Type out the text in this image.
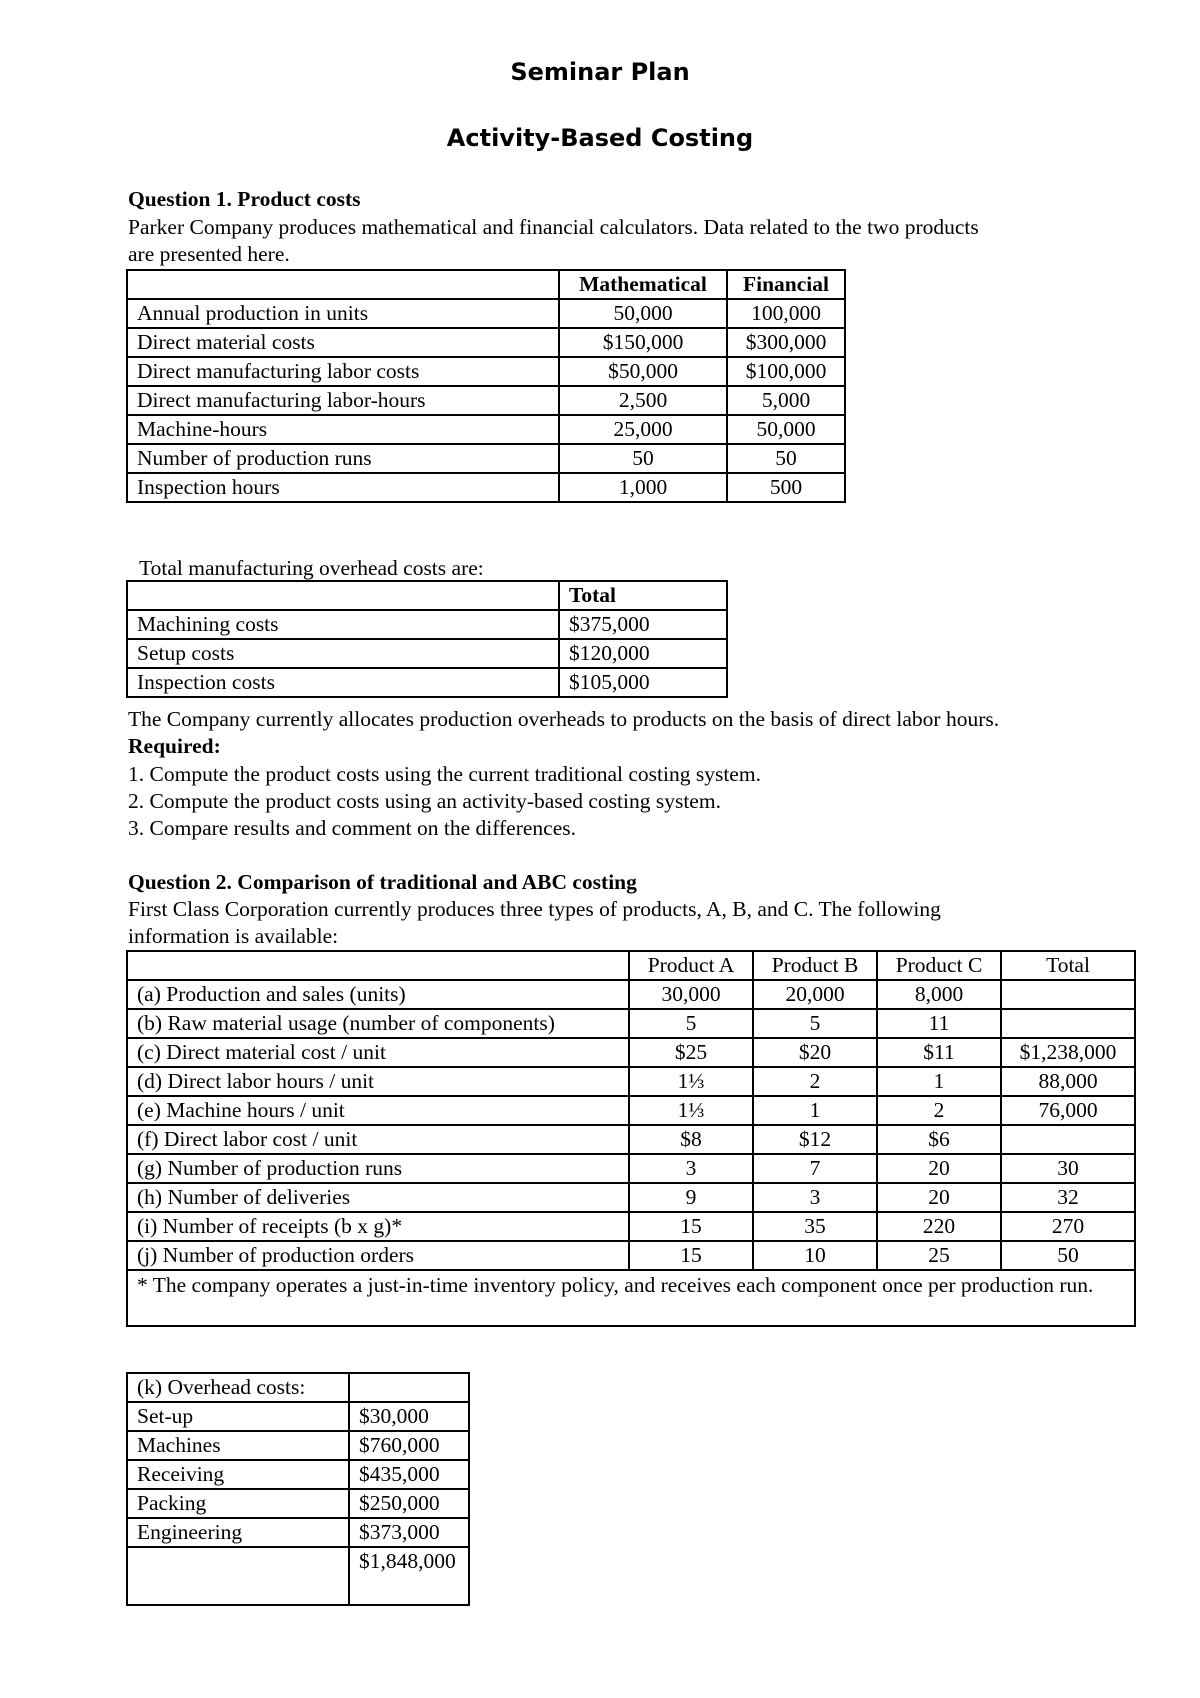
Seminar Plan
Activity-Based Costing
Question 1. Product costs
Parker Company produces mathematical and financial calculators. Data related to the two products
are presented here.
	Mathematical	Financial
Annual production in units	50,000	100,000
Direct material costs	$150,000	$300,000
Direct manufacturing labor costs	$50,000	$100,000
Direct manufacturing labor-hours	2,500	5,000
Machine-hours	25,000	50,000
Number of production runs	50	50
Inspection hours	1,000	500
Total manufacturing overhead costs are:
	Total
Machining costs	$375,000
Setup costs	$120,000
Inspection costs	$105,000
The Company currently allocates production overheads to products on the basis of direct labor hours.
Required:
1. Compute the product costs using the current traditional costing system.
2. Compute the product costs using an activity-based costing system.
3. Compare results and comment on the differences.
Question 2. Comparison of traditional and ABC costing
First Class Corporation currently produces three types of products, A, B, and C. The following
information is available:
	Product A	Product B	Product C	Total
(a) Production and sales (units)	30,000	20,000	8,000	
(b) Raw material usage (number of components)	5	5	11	
(c) Direct material cost / unit	$25	$20	$11	$1,238,000
(d) Direct labor hours / unit	1⅓	2	1	88,000
(e) Machine hours / unit	1⅓	1	2	76,000
(f) Direct labor cost / unit	$8	$12	$6	
(g) Number of production runs	3	7	20	30
(h) Number of deliveries	9	3	20	32
(i) Number of receipts (b x g)*	15	35	220	270
(j) Number of production orders	15	10	25	50
* The company operates a just-in-time inventory policy, and receives each component once per production run.				
(k) Overhead costs:	
Set-up	$30,000
Machines	$760,000
Receiving	$435,000
Packing	$250,000
Engineering	$373,000
	$1,848,000
